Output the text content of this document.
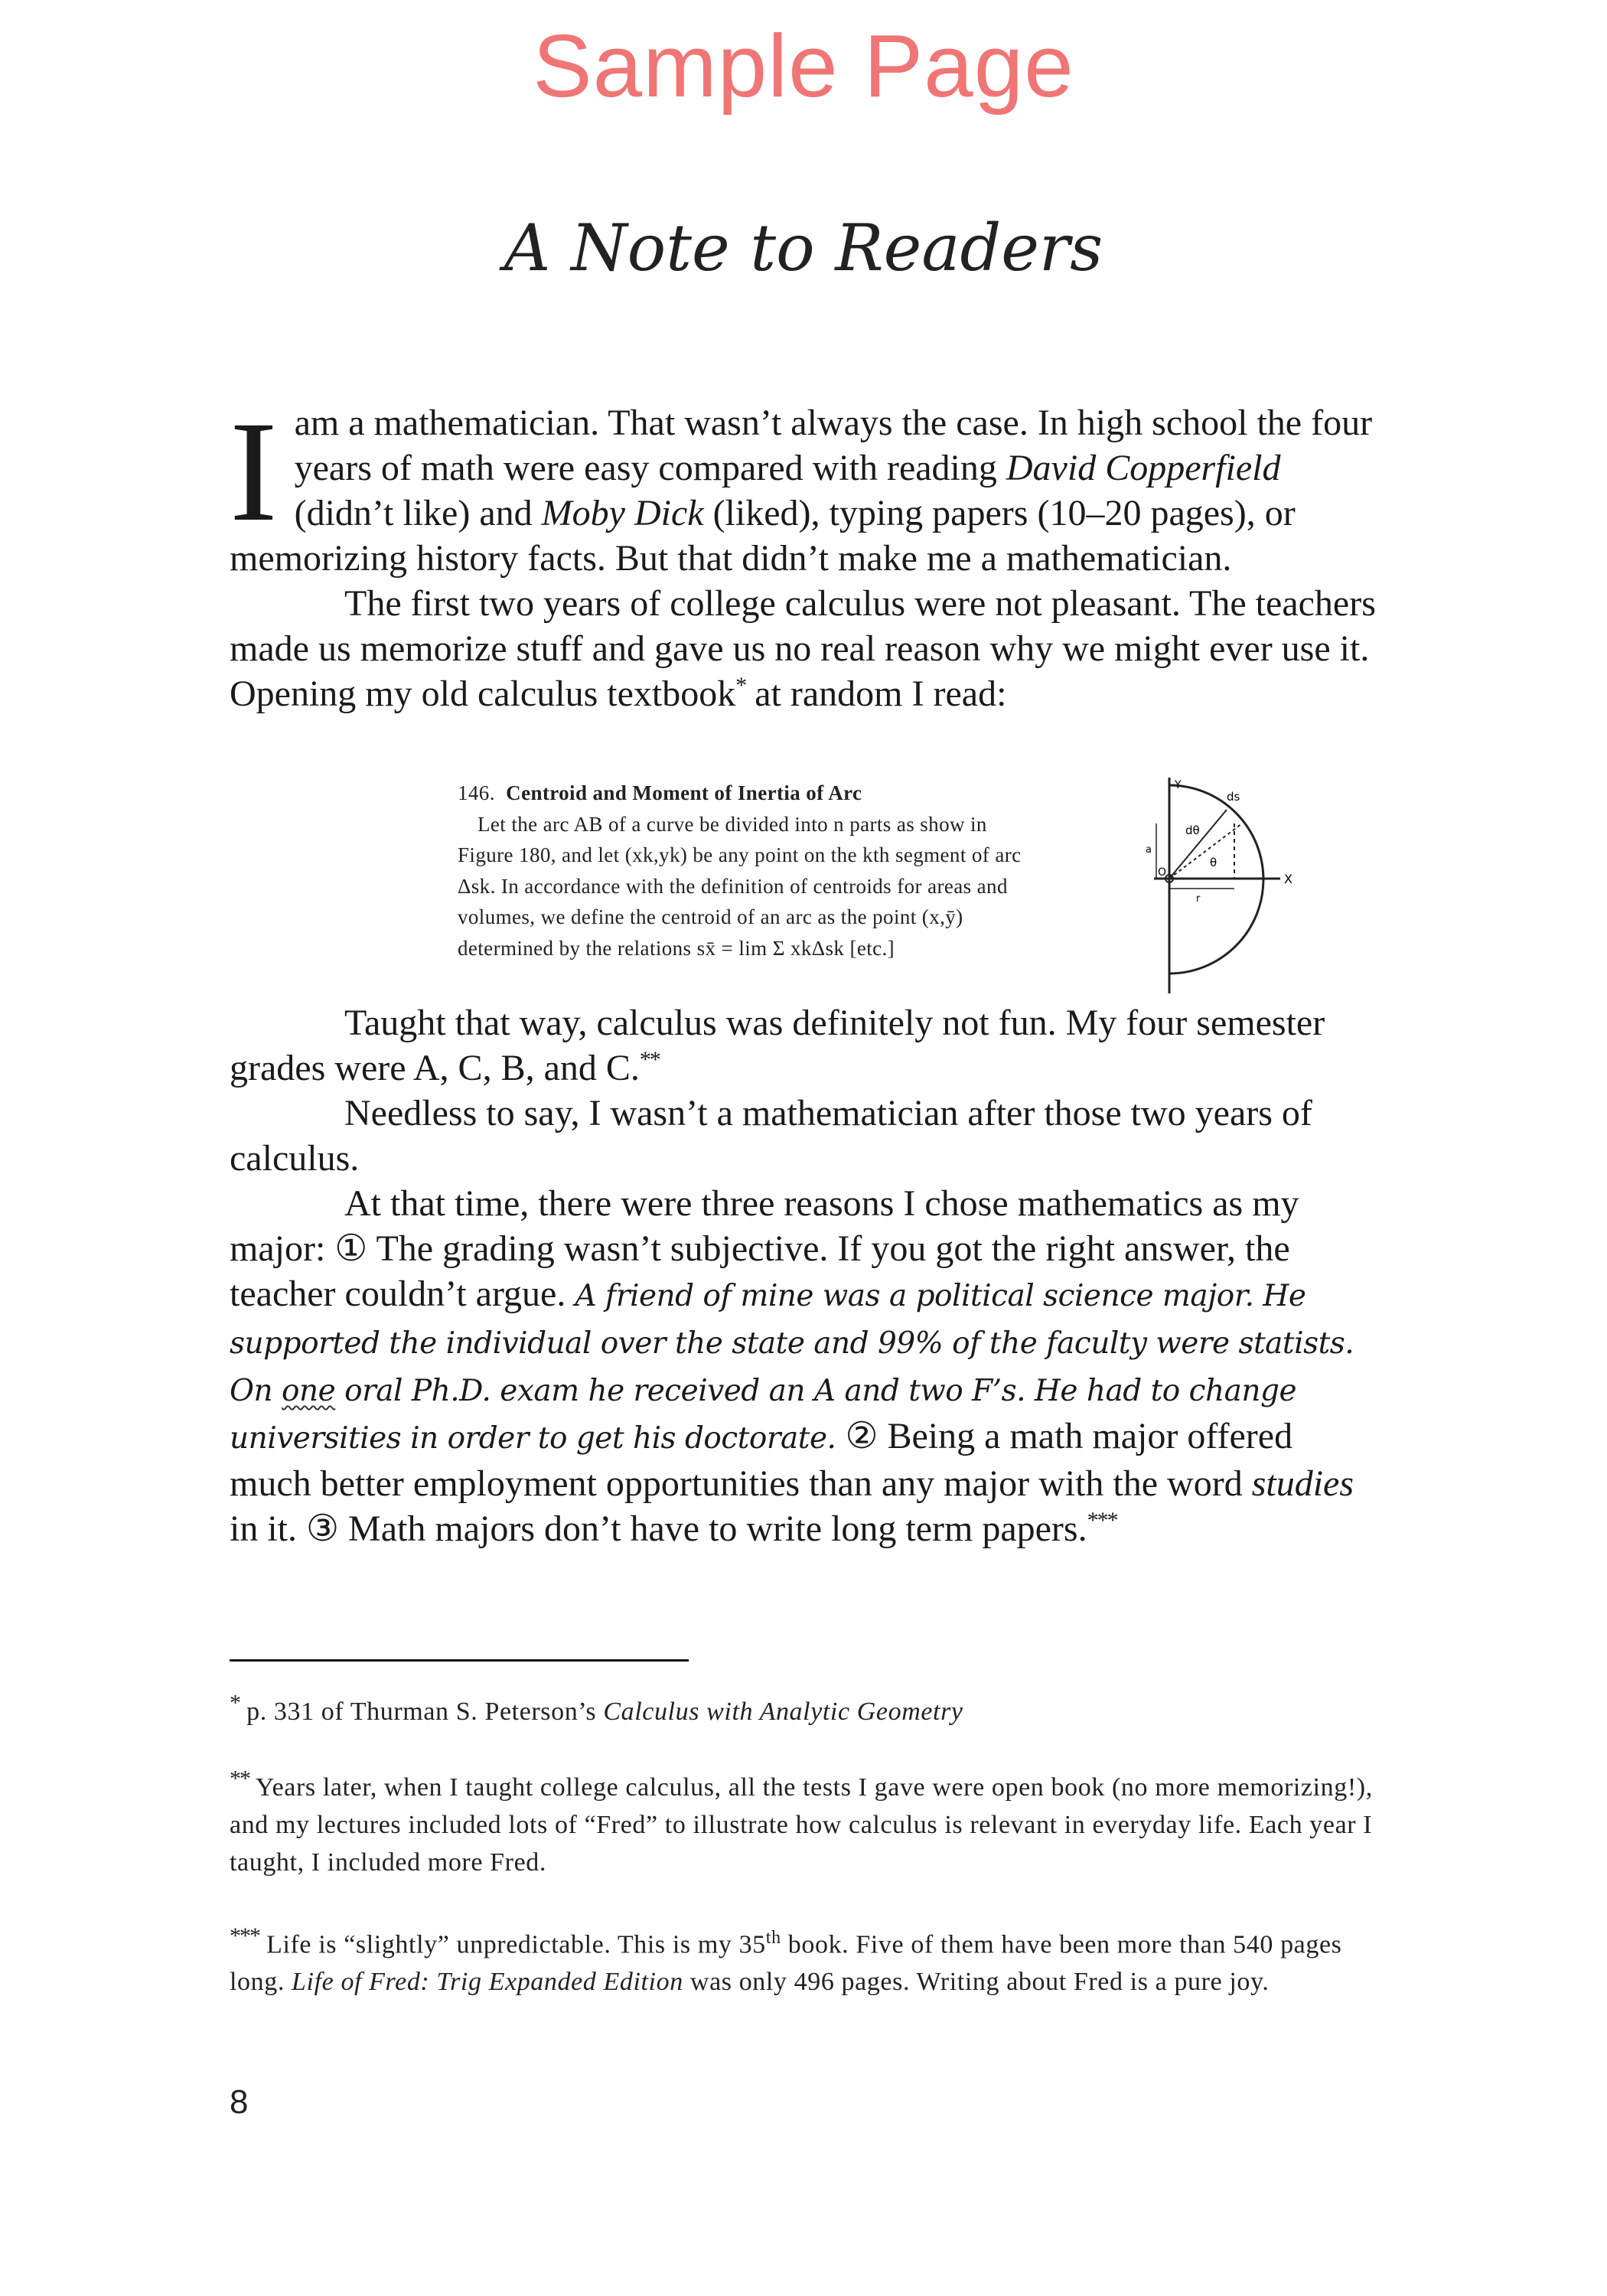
Sample Page
A Note to Readers

I am a mathematician. That wasn’t always the case. In high school the four years of math were easy compared with reading David Copperfield (didn’t like) and Moby Dick (liked), typing papers (10–20 pages), or memorizing history facts. But that didn’t make me a mathematician.

The first two years of college calculus were not pleasant. The teachers made us memorize stuff and gave us no real reason why we might ever use it. Opening my old calculus textbook* at random I read:

146. Centroid and Moment of Inertia of Arc

Let the arc AB of a curve be divided into n parts as show in

Figure 180, and let (xk,yk) be any point on the kth segment of arc

Δsk. In accordance with the definition of centroids for areas and

volumes, we define the centroid of an arc as the point (x,ȳ)

determined by the relations sx̄ = lim Σ xkΔsk [etc.]

Y
X
ds
dθ
θ
O
a
r

Taught that way, calculus was definitely not fun. My four semester grades were A, C, B, and C.**

Needless to say, I wasn’t a mathematician after those two years of calculus.

At that time, there were three reasons I chose mathematics as my major: ① The grading wasn’t subjective. If you got the right answer, the teacher couldn’t argue. A friend of mine was a political science major. He supported the individual over the state and 99% of the faculty were statists. On one oral Ph.D. exam he received an A and two F’s. He had to change universities in order to get his doctorate. ② Being a math major offered much better employment opportunities than any major with the word studies in it. ③ Math majors don’t have to write long term papers.***

* p. 331 of Thurman S. Peterson’s Calculus with Analytic Geometry

** Years later, when I taught college calculus, all the tests I gave were open book (no more memorizing!), and my lectures included lots of “Fred” to illustrate how calculus is relevant in everyday life. Each year I taught, I included more Fred.

*** Life is “slightly” unpredictable. This is my 35th book. Five of them have been more than 540 pages long. Life of Fred: Trig Expanded Edition was only 496 pages. Writing about Fred is a pure joy.

8
